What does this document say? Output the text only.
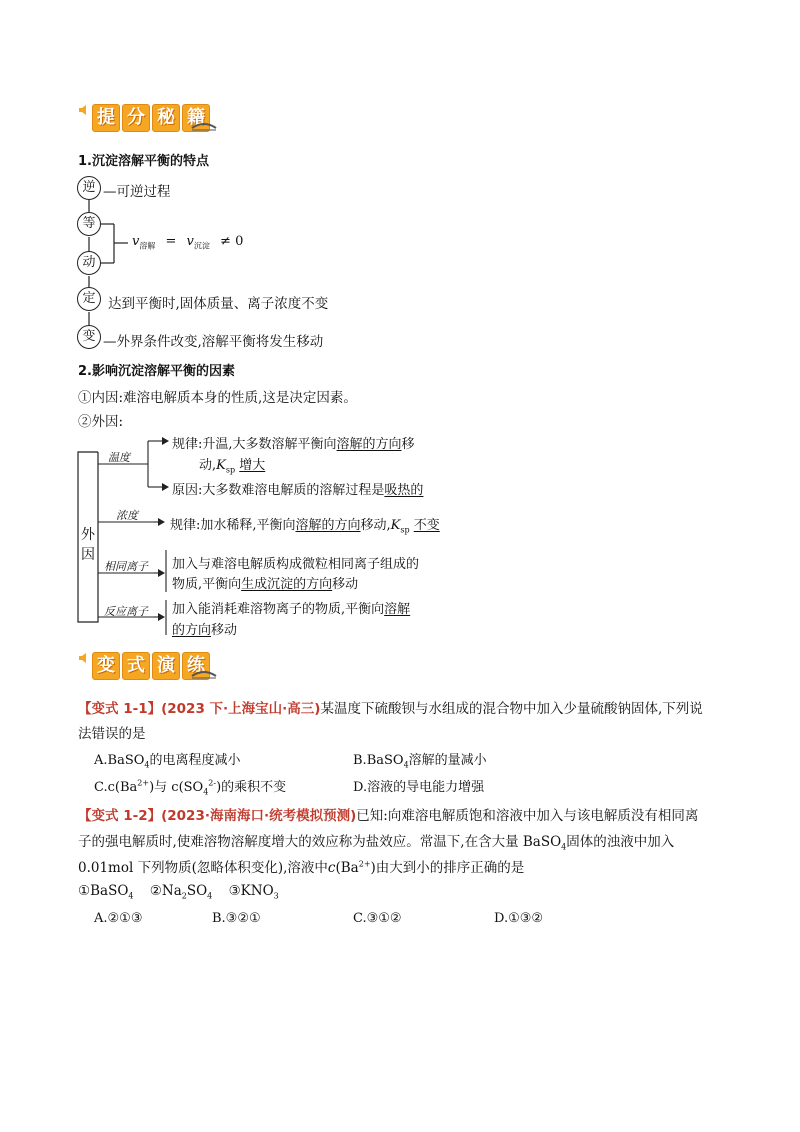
提 分 秘 籍
1.沉淀溶解平衡的特点
逆
等
动
定
变
—可逆过程
$v_{溶解} = v_{沉淀} \ne 0$
达到平衡时,固体质量、离子浓度不变
—外界条件改变,溶解平衡将发生移动
2.影响沉淀溶解平衡的因素
①内因:难溶电解质本身的性质,这是决定因素。
②外因:
外
因
温度
规律:升温,大多数溶解平衡向溶解的方向移
动$,K_{sp}$ 增大
原因:大多数难溶电解质的溶解过程是吸热的
浓度
规律:加水稀释,平衡向溶解的方向移动$,K_{sp}$ 不变
相同离子 加入与难溶电解质构成微粒相同离子组成的
物质,平衡向生成沉淀的方向移动
反应离子 加入能消耗难溶物离子的物质,平衡向溶解
的方向移动
变 式 演 练
【变式 1-1】(2023 下·上海宝山·高三)某温度下硫酸钡与水组成的混合物中加入少量硫酸钠固体,下列说
法错误的是
A.BaSO$_4$的电离程度减小	B.BaSO$_4$溶解的量减小
$C.c(Ba^{2+})$与 $c(SO_4^{2-})$的乘积不变	D.溶液的导电能力增强
【变式 1-2】(2023·海南海口·统考模拟预测)已知:向难溶电解质饱和溶液中加入与该电解质没有相同离
子的强电解质时,使难溶物溶解度增大的效应称为盐效应。常温下,在含大量 BaSO$_4$固体的浊液中加入
0.01mol 下列物质(忽略体积变化),溶液中$c(Ba^{2+})$由大到小的排序正确的是
①BaSO$_4$ $②Na_2SO_4$ $③KNO_3$
A.②①③	B.③②①	C.③①②	D.①③②
